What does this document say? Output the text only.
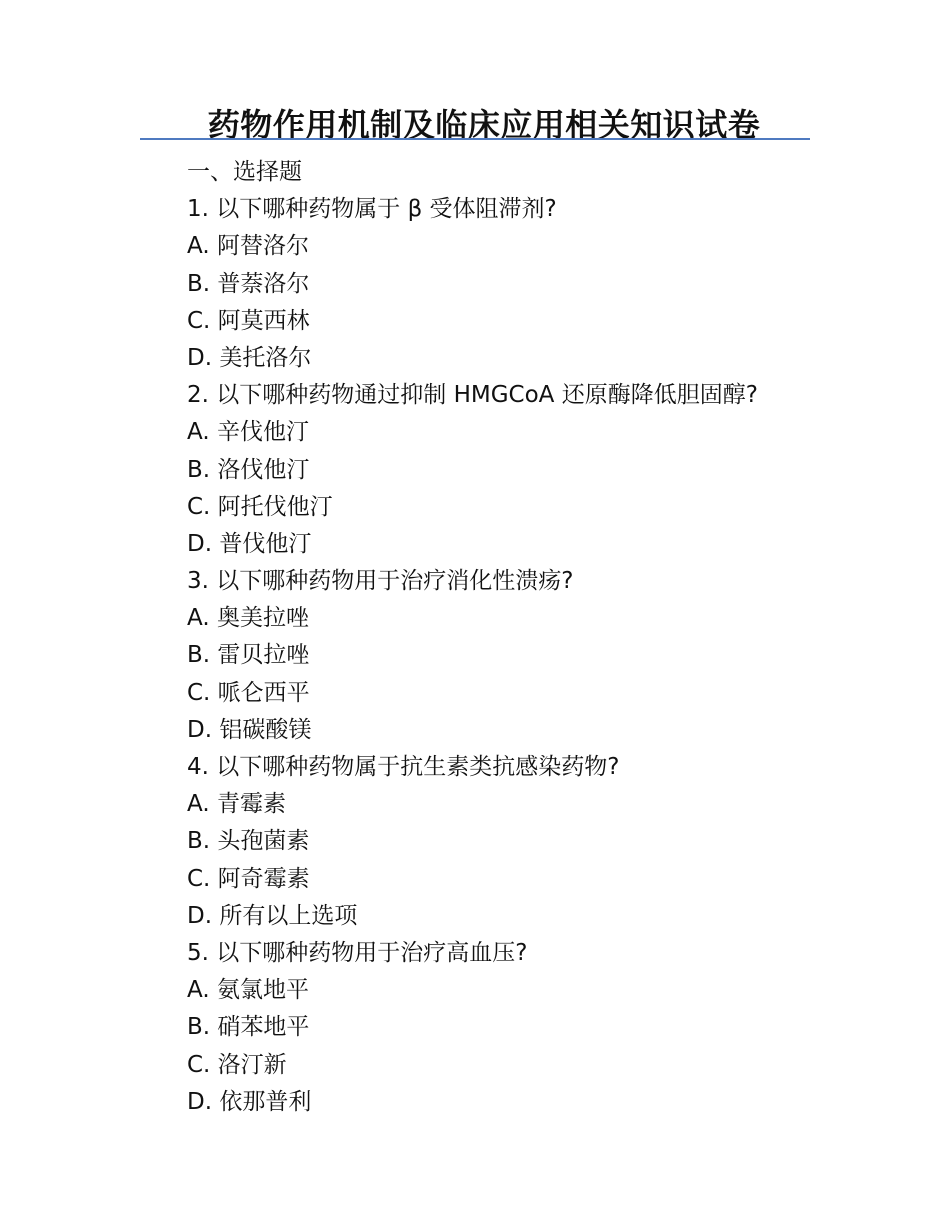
药物作用机制及临床应用相关知识试卷
一、选择题
1. 以下哪种药物属于 β 受体阻滞剂?
A. 阿替洛尔
B. 普萘洛尔
C. 阿莫西林
D. 美托洛尔
2. 以下哪种药物通过抑制 HMGCoA 还原酶降低胆固醇?
A. 辛伐他汀
B. 洛伐他汀
C. 阿托伐他汀
D. 普伐他汀
3. 以下哪种药物用于治疗消化性溃疡?
A. 奥美拉唑
B. 雷贝拉唑
C. 哌仑西平
D. 铝碳酸镁
4. 以下哪种药物属于抗生素类抗感染药物?
A. 青霉素
B. 头孢菌素
C. 阿奇霉素
D. 所有以上选项
5. 以下哪种药物用于治疗高血压?
A. 氨氯地平
B. 硝苯地平
C. 洛汀新
D. 依那普利
